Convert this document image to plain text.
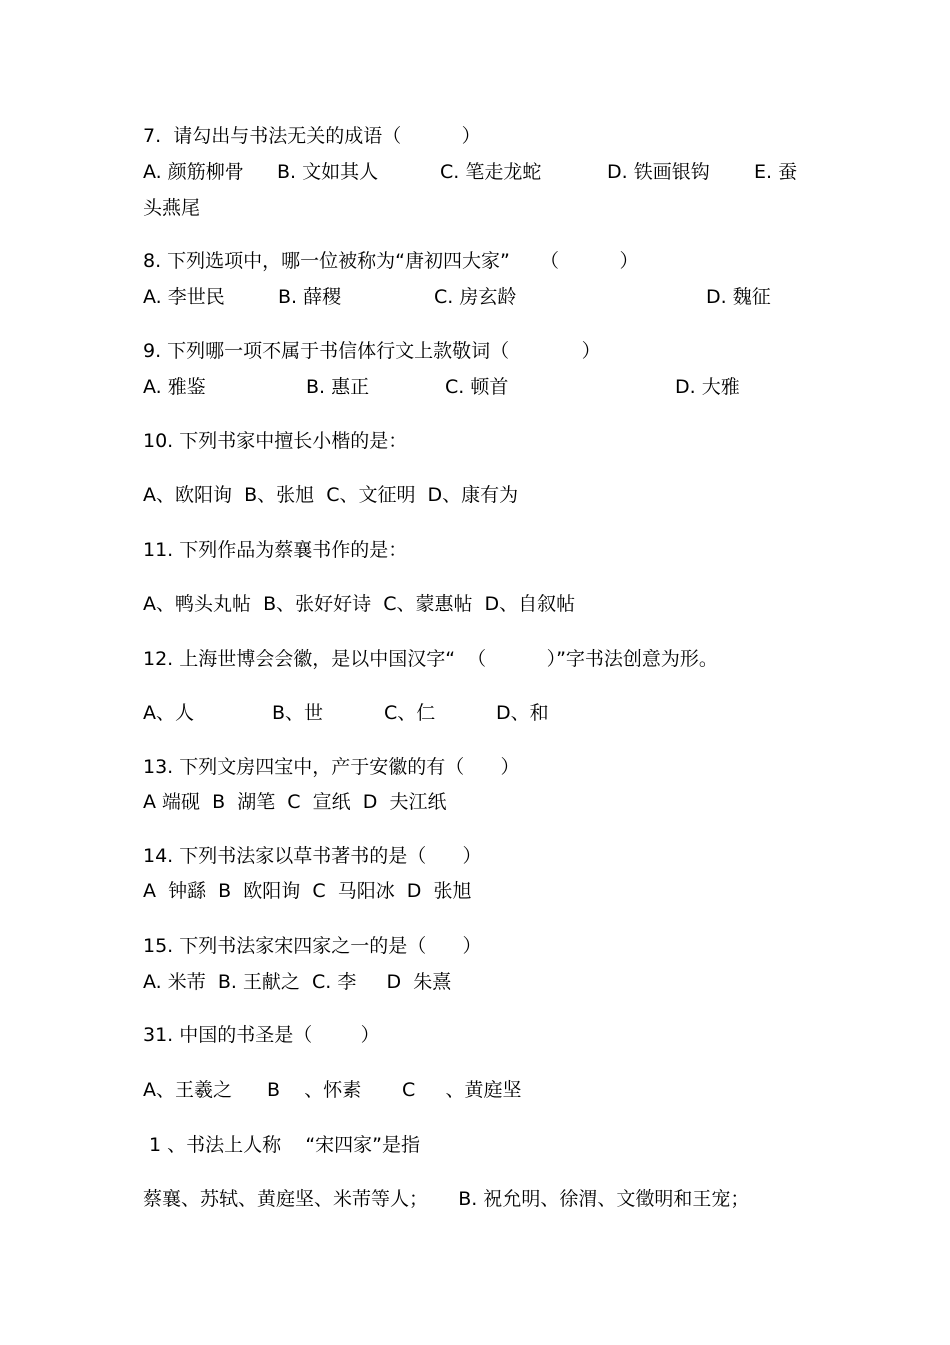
7.  请勾出与书法无关的成语（          ）
A. 颜筋柳骨 B. 文如其人	C. 笔走龙蛇	D. 铁画银钩 E. 蚕
头燕尾
8. 下列选项中，哪一位被称为“唐初四大家”     （          ）
A. 李世民	B. 薛稷	C. 房玄龄	D. 魏征
9. 下列哪一项不属于书信体行文上款敬词（            ）
A. 雅鉴	B. 惠正	C. 顿首	D. 大雅
10. 下列书家中擅长小楷的是：
A、欧阳询  B、张旭  C、文征明  D、康有为
11. 下列作品为蔡襄书作的是：
A、鸭头丸帖  B、张好好诗  C、蒙惠帖  D、自叙帖
12. 上海世博会会徽，是以中国汉字“  （          ）”字书法创意为形。
A、人	B、世	C、仁	D、和
13. 下列文房四宝中，产于安徽的有（      ）
A 端砚  B  湖笔  C  宣纸  D  夫江纸
14. 下列书法家以草书著书的是（      ）
A  钟繇  B  欧阳询  C  马阳冰  D  张旭
15. 下列书法家宋四家之一的是（      ）
A. 米芾  B. 王献之  C. 李     D  朱熹
31. 中国的书圣是（        ）
A、王羲之 B    、怀素 C     、黄庭坚
1 、书法上人称    “宋四家”是指
蔡襄、苏轼、黄庭坚、米芾等人；     B. 祝允明、徐渭、文徵明和王宠；
